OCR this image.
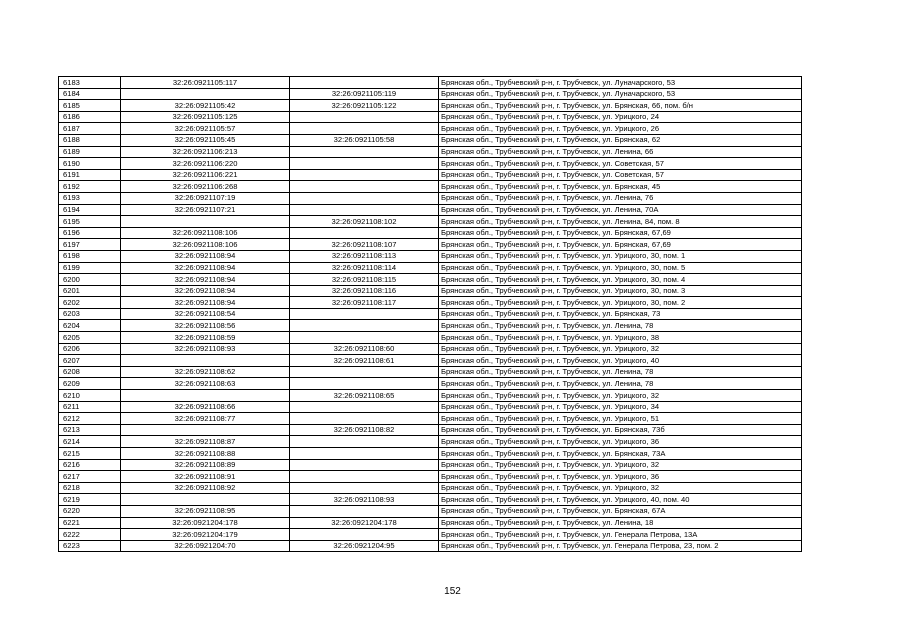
6183	32:26:0921105:117		Брянская обл., Трубчевский р-н, г. Трубчевск, ул. Луначарского, 53
6184		32:26:0921105:119	Брянская обл., Трубчевский р-н, г. Трубчевск, ул. Луначарского, 53
6185	32:26:0921105:42	32:26:0921105:122	Брянская обл., Трубчевский р-н, г. Трубчевск, ул. Брянская, 66, пом. б/н
6186	32:26:0921105:125		Брянская обл., Трубчевский р-н, г. Трубчевск, ул. Урицкого, 24
6187	32:26:0921105:57		Брянская обл., Трубчевский р-н, г. Трубчевск, ул. Урицкого, 26
6188	32:26:0921105:45	32:26:0921105:58	Брянская обл., Трубчевский р-н, г. Трубчевск, ул. Брянская, 62
6189	32:26:0921106:213		Брянская обл., Трубчевский р-н, г. Трубчевск, ул. Ленина, 66
6190	32:26:0921106:220		Брянская обл., Трубчевский р-н, г. Трубчевск, ул. Советская, 57
6191	32:26:0921106:221		Брянская обл., Трубчевский р-н, г. Трубчевск, ул. Советская, 57
6192	32:26:0921106:268		Брянская обл., Трубчевский р-н, г. Трубчевск, ул. Брянская, 45
6193	32:26:0921107:19		Брянская обл., Трубчевский р-н, г. Трубчевск, ул. Ленина, 76
6194	32:26:0921107:21		Брянская обл., Трубчевский р-н, г. Трубчевск, ул. Ленина, 70А
6195		32:26:0921108:102	Брянская обл., Трубчевский р-н, г. Трубчевск, ул. Ленина, 84, пом. 8
6196	32:26:0921108:106		Брянская обл., Трубчевский р-н, г. Трубчевск, ул. Брянская, 67,69
6197	32:26:0921108:106	32:26:0921108:107	Брянская обл., Трубчевский р-н, г. Трубчевск, ул. Брянская, 67,69
6198	32:26:0921108:94	32:26:0921108:113	Брянская обл., Трубчевский р-н, г. Трубчевск, ул. Урицкого, 30, пом. 1
6199	32:26:0921108:94	32:26:0921108:114	Брянская обл., Трубчевский р-н, г. Трубчевск, ул. Урицкого, 30, пом. 5
6200	32:26:0921108:94	32:26:0921108:115	Брянская обл., Трубчевский р-н, г. Трубчевск, ул. Урицкого, 30, пом. 4
6201	32:26:0921108:94	32:26:0921108:116	Брянская обл., Трубчевский р-н, г. Трубчевск, ул. Урицкого, 30, пом. 3
6202	32:26:0921108:94	32:26:0921108:117	Брянская обл., Трубчевский р-н, г. Трубчевск, ул. Урицкого, 30, пом. 2
6203	32:26:0921108:54		Брянская обл., Трубчевский р-н, г. Трубчевск, ул. Брянская, 73
6204	32:26:0921108:56		Брянская обл., Трубчевский р-н, г. Трубчевск, ул. Ленина, 78
6205	32:26:0921108:59		Брянская обл., Трубчевский р-н, г. Трубчевск, ул. Урицкого, 38
6206	32:26:0921108:93	32:26:0921108:60	Брянская обл., Трубчевский р-н, г. Трубчевск, ул. Урицкого, 32
6207		32:26:0921108:61	Брянская обл., Трубчевский р-н, г. Трубчевск, ул. Урицкого, 40
6208	32:26:0921108:62		Брянская обл., Трубчевский р-н, г. Трубчевск, ул. Ленина, 78
6209	32:26:0921108:63		Брянская обл., Трубчевский р-н, г. Трубчевск, ул. Ленина, 78
6210		32:26:0921108:65	Брянская обл., Трубчевский р-н, г. Трубчевск, ул. Урицкого, 32
6211	32:26:0921108:66		Брянская обл., Трубчевский р-н, г. Трубчевск, ул. Урицкого, 34
6212	32:26:0921108:77		Брянская обл., Трубчевский р-н, г. Трубчевск, ул. Урицкого, 51
6213		32:26:0921108:82	Брянская обл., Трубчевский р-н, г. Трубчевск, ул. Брянская, 73б
6214	32:26:0921108:87		Брянская обл., Трубчевский р-н, г. Трубчевск, ул. Урицкого, 36
6215	32:26:0921108:88		Брянская обл., Трубчевский р-н, г. Трубчевск, ул. Брянская, 73А
6216	32:26:0921108:89		Брянская обл., Трубчевский р-н, г. Трубчевск, ул. Урицкого, 32
6217	32:26:0921108:91		Брянская обл., Трубчевский р-н, г. Трубчевск, ул. Урицкого, 36
6218	32:26:0921108:92		Брянская обл., Трубчевский р-н, г. Трубчевск, ул. Урицкого, 32
6219		32:26:0921108:93	Брянская обл., Трубчевский р-н, г. Трубчевск, ул. Урицкого, 40, пом. 40
6220	32:26:0921108:95		Брянская обл., Трубчевский р-н, г. Трубчевск, ул. Брянская, 67А
6221	32:26:0921204:178	32:26:0921204:178	Брянская обл., Трубчевский р-н, г. Трубчевск, ул. Ленина, 18
6222	32:26:0921204:179		Брянская обл., Трубчевский р-н, г. Трубчевск, ул. Генерала Петрова, 13А
6223	32:26:0921204:70	32:26:0921204:95	Брянская обл., Трубчевский р-н, г. Трубчевск, ул. Генерала Петрова, 23, пом. 2
152
